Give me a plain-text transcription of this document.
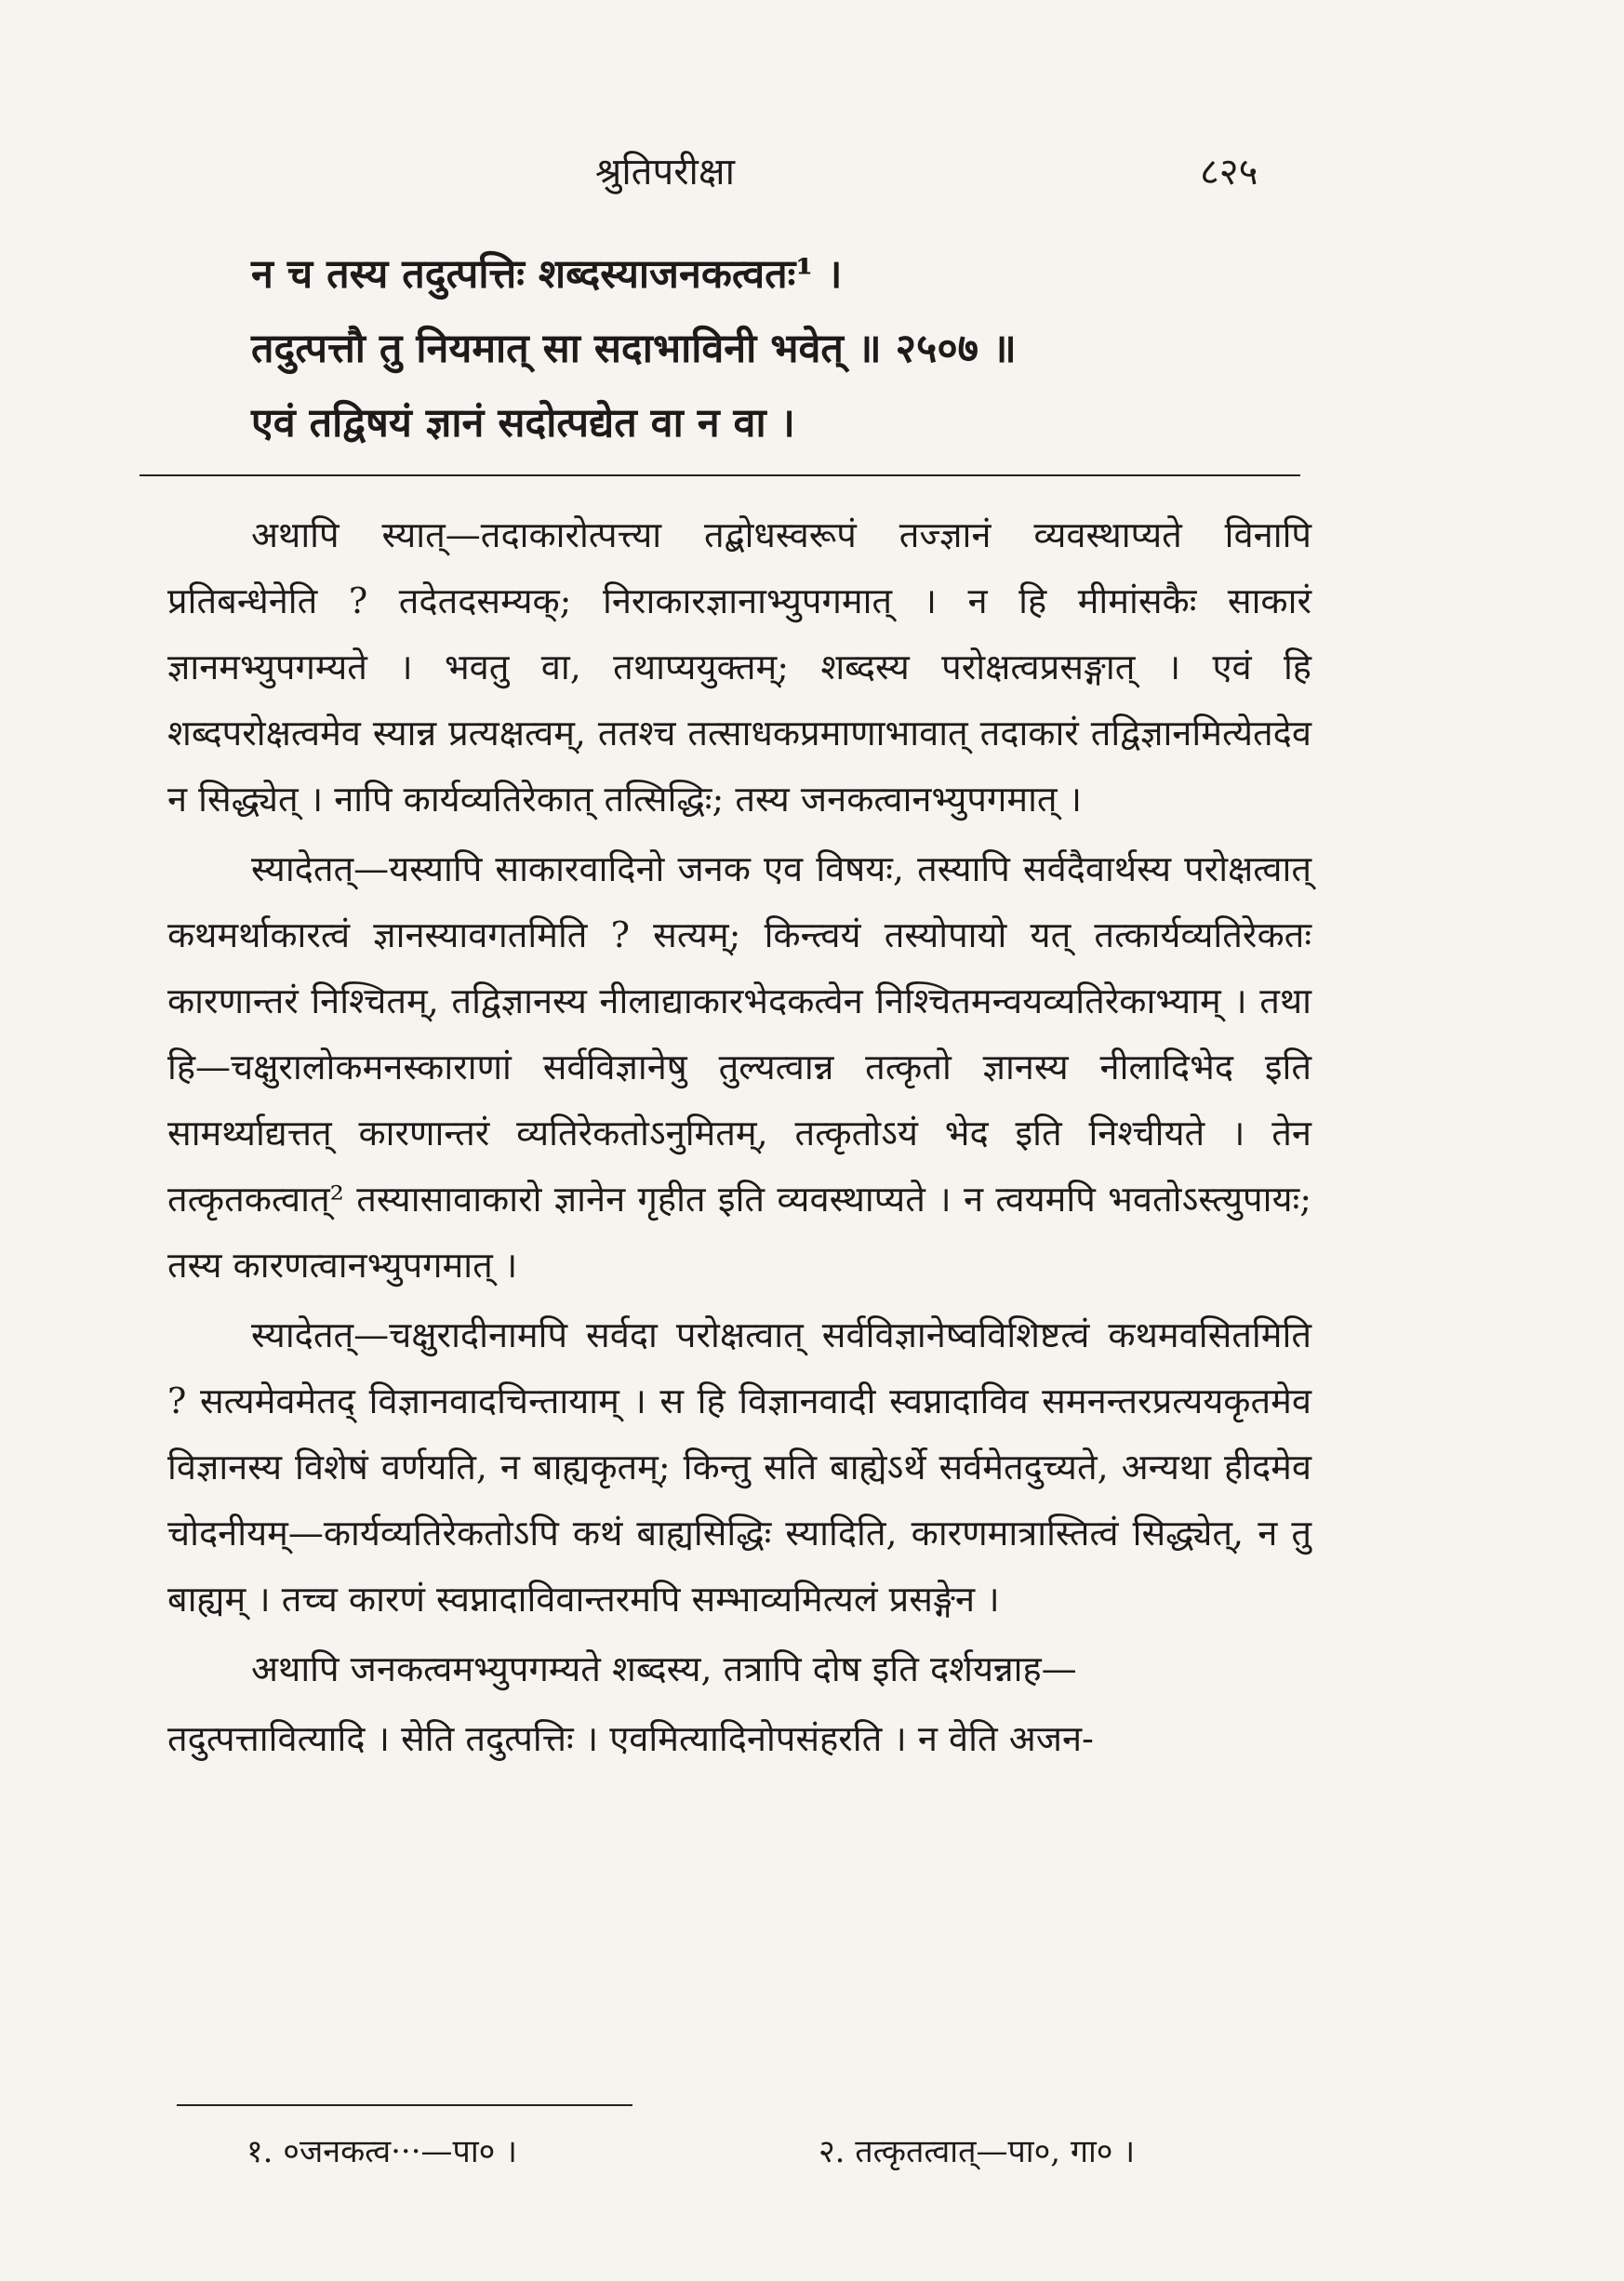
श्रुतिपरीक्षा	८२५
न च तस्य तदुत्पत्तिः शब्दस्याजनकत्वतः¹ ।
तदुत्पत्तौ तु नियमात् सा सदाभाविनी भवेत् ॥ २५०७ ॥
एवं तद्विषयं ज्ञानं सदोत्पद्येत वा न वा ।

अथापि स्यात्—तदाकारोत्पत्त्या तद्बोधस्वरूपं तज्ज्ञानं व्यवस्थाप्यते विनापि प्रतिबन्धेनेति ? तदेतदसम्यक्; निराकारज्ञानाभ्युपगमात् । न हि मीमांसकैः साकारं ज्ञानमभ्युपगम्यते । भवतु वा, तथाप्ययुक्तम्; शब्दस्य परोक्षत्वप्रसङ्गात् । एवं हि शब्दपरोक्षत्वमेव स्यान्न प्रत्यक्षत्वम्, ततश्च तत्साधकप्रमाणाभावात् तदाकारं तद्विज्ञानमित्येतदेव न सिद्ध्येत् । नापि कार्यव्यतिरेकात् तत्सिद्धिः; तस्य जनकत्वानभ्युपगमात् ।

स्यादेतत्—यस्यापि साकारवादिनो जनक एव विषयः, तस्यापि सर्वदैवार्थस्य परोक्षत्वात् कथमर्थाकारत्वं ज्ञानस्यावगतमिति ? सत्यम्; किन्त्वयं तस्योपायो यत् तत्कार्यव्यतिरेकतः कारणान्तरं निश्चितम्, तद्विज्ञानस्य नीलाद्याकारभेदकत्वेन निश्चितमन्वयव्यतिरेकाभ्याम् । तथा हि—चक्षुरालोकमनस्काराणां सर्वविज्ञानेषु तुल्यत्वान्न तत्कृतो ज्ञानस्य नीलादिभेद इति सामर्थ्याद्यत्तत् कारणान्तरं व्यतिरेकतोऽनुमितम्, तत्कृतोऽयं भेद इति निश्चीयते । तेन तत्कृतकत्वात्² तस्यासावाकारो ज्ञानेन गृहीत इति व्यवस्थाप्यते । न त्वयमपि भवतोऽस्त्युपायः; तस्य कारणत्वानभ्युपगमात् ।

स्यादेतत्—चक्षुरादीनामपि सर्वदा परोक्षत्वात् सर्वविज्ञानेष्वविशिष्टत्वं कथमवसितमिति ? सत्यमेवमेतद् विज्ञानवादचिन्तायाम् । स हि विज्ञानवादी स्वप्नादाविव समनन्तरप्रत्ययकृतमेव विज्ञानस्य विशेषं वर्णयति, न बाह्यकृतम्; किन्तु सति बाह्येऽर्थे सर्वमेतदुच्यते, अन्यथा हीदमेव चोदनीयम्—कार्यव्यतिरेकतोऽपि कथं बाह्यसिद्धिः स्यादिति, कारणमात्रास्तित्वं सिद्ध्येत्, न तु बाह्यम् । तच्च कारणं स्वप्नादाविवान्तरमपि सम्भाव्यमित्यलं प्रसङ्गेन ।

अथापि जनकत्वमभ्युपगम्यते शब्दस्य, तत्रापि दोष इति दर्शयन्नाह—

तदुत्पत्तावित्यादि । सेति तदुत्पत्तिः । एवमित्यादिनोपसंहरति । न वेति अजन-

१. ०जनकत्व···—पा० ।	२. तत्कृतत्वात्—पा०, गा० ।
